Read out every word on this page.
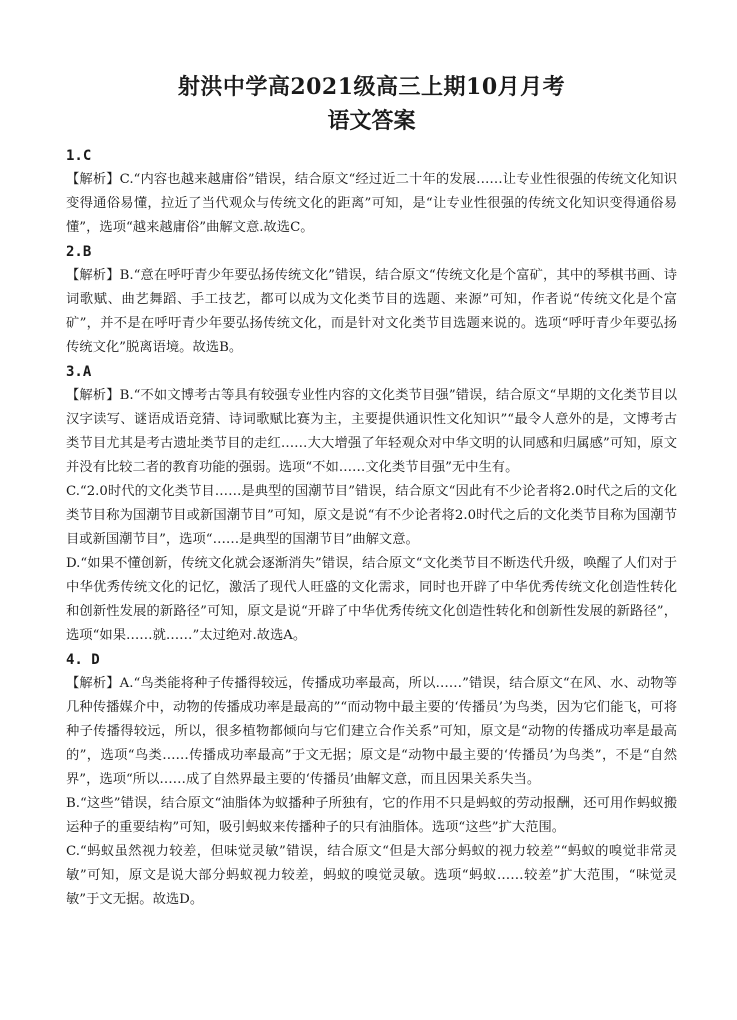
射洪中学高2021级高三上期10月月考
语文答案
1.C

【解析】C.“内容也越来越庸俗”错误，结合原文“经过近二十年的发展……让专业性很强的传统文化知识变得通俗易懂，拉近了当代观众与传统文化的距离”可知，是“让专业性很强的传统文化知识变得通俗易懂”，选项“越来越庸俗”曲解文意.故选C。

2.B

【解析】B.“意在呼吁青少年要弘扬传统文化”错误，结合原文“传统文化是个富矿，其中的琴棋书画、诗词歌赋、曲艺舞蹈、手工技艺，都可以成为文化类节目的选题、来源”可知，作者说“传统文化是个富矿”，并不是在呼吁青少年要弘扬传统文化，而是针对文化类节目选题来说的。选项“呼吁青少年要弘扬传统文化”脱离语境。故选B。

3.A

【解析】B.“不如文博考古等具有较强专业性内容的文化类节目强”错误，结合原文“早期的文化类节目以汉字读写、谜语成语竞猜、诗词歌赋比赛为主，主要提供通识性文化知识”“最令人意外的是，文博考古类节目尤其是考古遗址类节目的走红……大大增强了年轻观众对中华文明的认同感和归属感”可知，原文并没有比较二者的教育功能的强弱。选项“不如……文化类节目强”无中生有。

C.“2.0时代的文化类节目……是典型的国潮节目”错误，结合原文“因此有不少论者将2.0时代之后的文化类节目称为国潮节目或新国潮节目”可知，原文是说“有不少论者将2.0时代之后的文化类节目称为国潮节目或新国潮节目”，选项“……是典型的国潮节目”曲解文意。

D.“如果不懂创新，传统文化就会逐渐消失”错误，结合原文“文化类节目不断迭代升级，唤醒了人们对于中华优秀传统文化的记忆，激活了现代人旺盛的文化需求，同时也开辟了中华优秀传统文化创造性转化和创新性发展的新路径”可知，原文是说“开辟了中华优秀传统文化创造性转化和创新性发展的新路径”，选项“如果……就……”太过绝对.故选A。

4. D

【解析】A.“鸟类能将种子传播得较远，传播成功率最高，所以……”错误，结合原文“在风、水、动物等几种传播媒介中，动物的传播成功率是最高的”“而动物中最主要的‘传播员’为鸟类，因为它们能飞，可将种子传播得较远，所以，很多植物都倾向与它们建立合作关系”可知，原文是“动物的传播成功率是最高的”，选项“鸟类……传播成功率最高”于文无据；原文是“动物中最主要的‘传播员’为鸟类”，不是“自然界”，选项“所以……成了自然界最主要的‘传播员’曲解文意，而且因果关系失当。

B.“这些”错误，结合原文“油脂体为蚁播种子所独有，它的作用不只是蚂蚁的劳动报酬，还可用作蚂蚁搬运种子的重要结构”可知，吸引蚂蚁来传播种子的只有油脂体。选项“这些”扩大范围。

C.“蚂蚁虽然视力较差，但味觉灵敏”错误，结合原文“但是大部分蚂蚁的视力较差”“蚂蚁的嗅觉非常灵敏”可知，原文是说大部分蚂蚁视力较差，蚂蚁的嗅觉灵敏。选项“蚂蚁……较差”扩大范围，“味觉灵敏”于文无据。故选D。
